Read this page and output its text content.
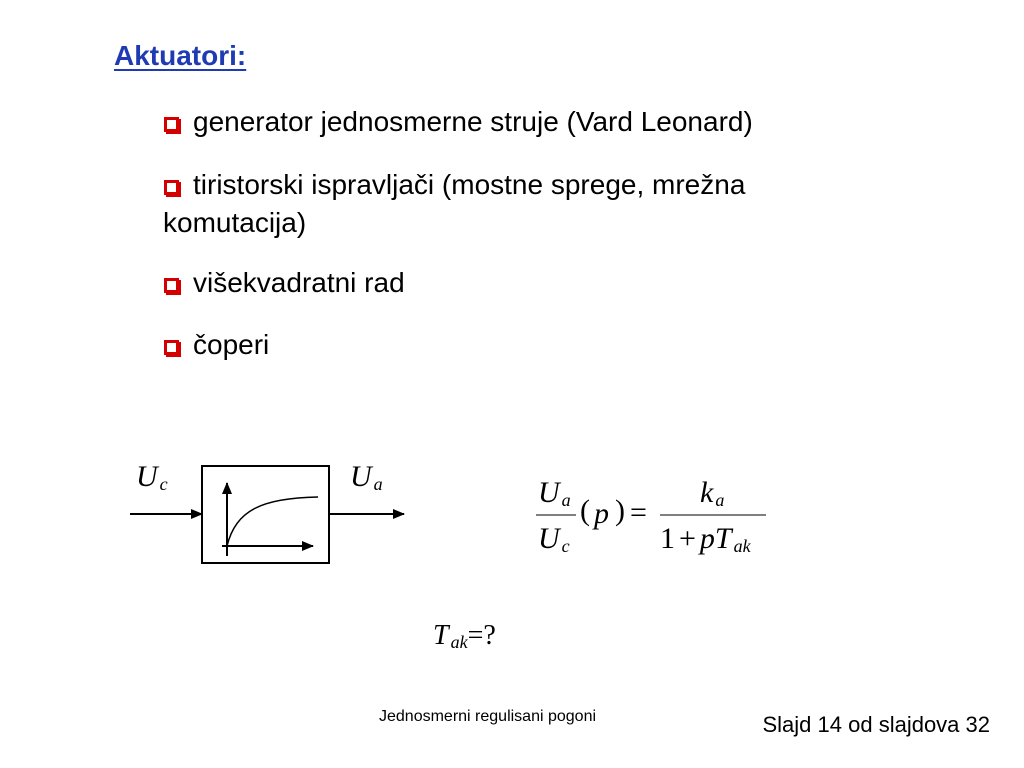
Aktuatori:
generator jednosmerne struje (Vard Leonard)
tiristorski ispravljači (mostne sprege, mrežna
komutacija)
višekvadratni rad
čoperi
U $_c$	U $_a$	U $_a$
U $_c$
( p ) =
k $_a$
1 + pT $_{ak}$
T $_{ak}$=?
Jednosmerni regulisani pogoni	Slajd 14 od slajdova 32
